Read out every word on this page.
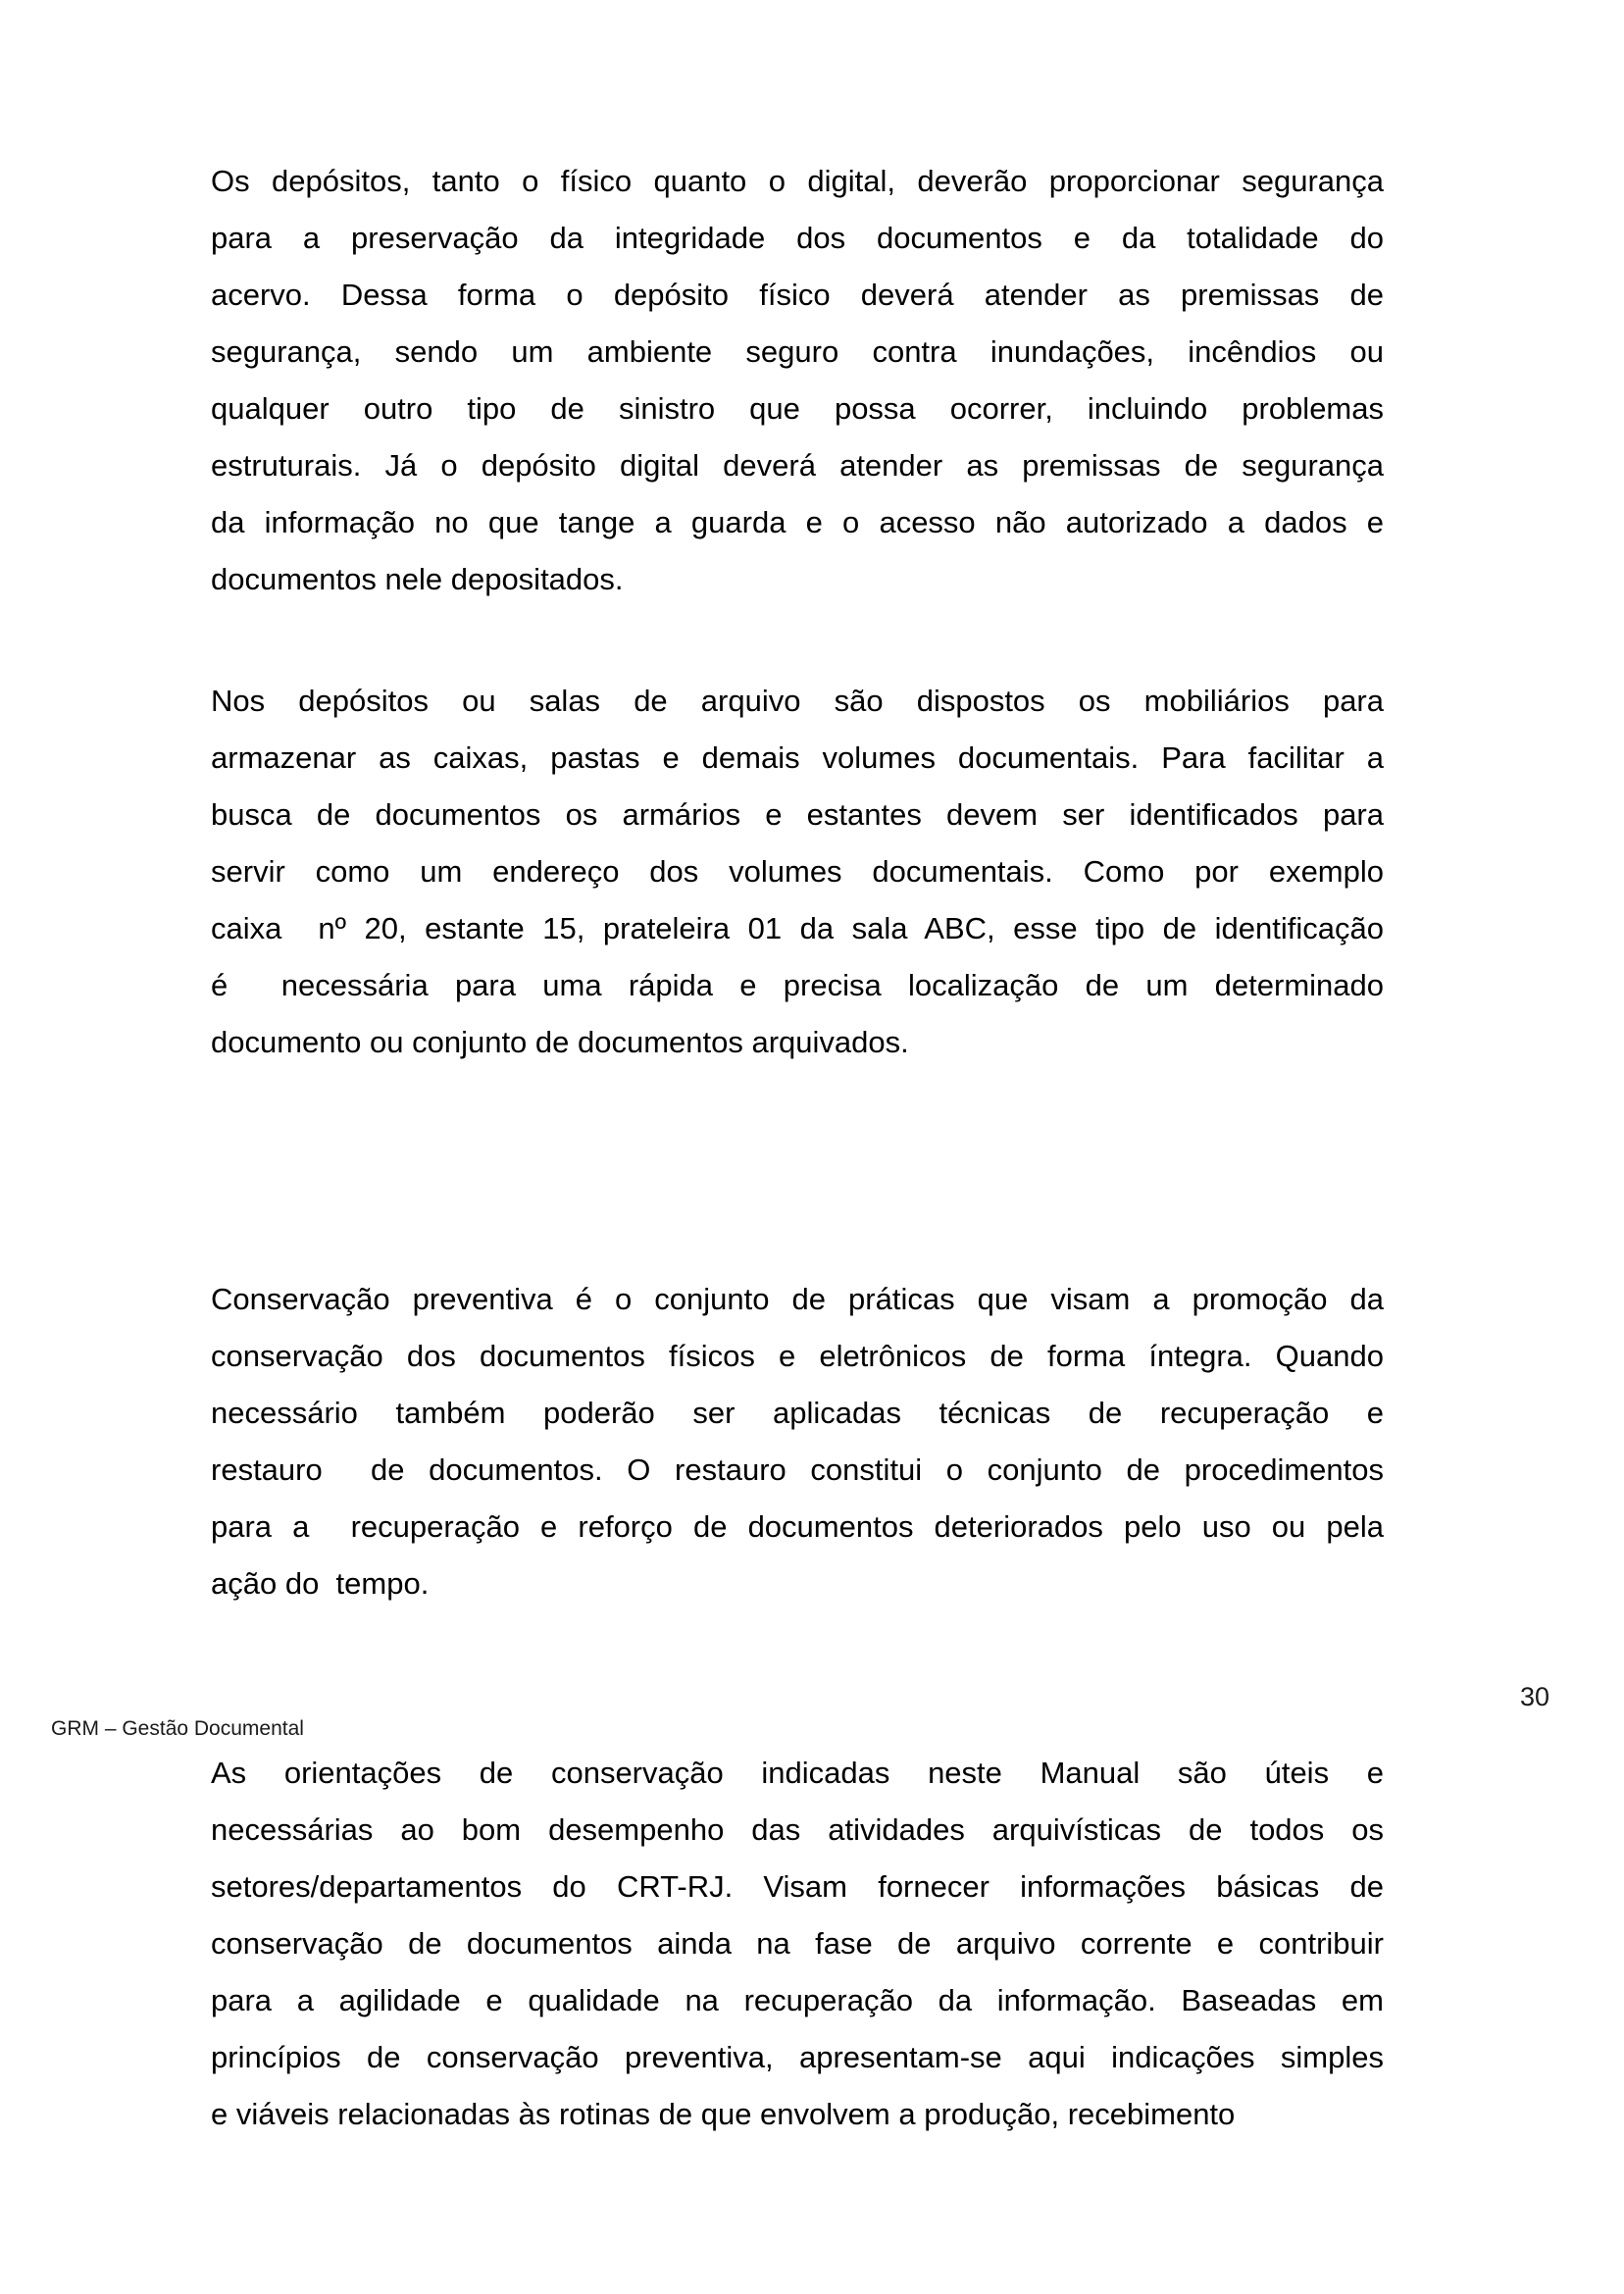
Os depósitos, tanto o físico quanto o digital, deverão proporcionar segurança
para a preservação da integridade dos documentos e da totalidade do
acervo. Dessa forma o depósito físico deverá atender as premissas de
segurança, sendo um ambiente seguro contra inundações, incêndios ou
qualquer outro tipo de sinistro que possa ocorrer, incluindo problemas
estruturais. Já o depósito digital deverá atender as premissas de segurança
da informação no que tange a guarda e o acesso não autorizado a dados e
documentos nele depositados.
Nos depósitos ou salas de arquivo são dispostos os mobiliários para
armazenar as caixas, pastas e demais volumes documentais. Para facilitar a
busca de documentos os armários e estantes devem ser identificados para
servir como um endereço dos volumes documentais. Como por exemplo
caixa  nº 20, estante 15, prateleira 01 da sala ABC, esse tipo de identificação
é  necessária para uma rápida e precisa localização de um determinado
documento ou conjunto de documentos arquivados.
Conservação preventiva é o conjunto de práticas que visam a promoção da
conservação dos documentos físicos e eletrônicos de forma íntegra. Quando
necessário também poderão ser aplicadas técnicas de recuperação e
restauro  de documentos. O restauro constitui o conjunto de procedimentos
para a  recuperação e reforço de documentos deteriorados pelo uso ou pela
ação do  tempo.
GRM – Gestão Documental
30
As orientações de conservação indicadas neste Manual são úteis e
necessárias ao bom desempenho das atividades arquivísticas de todos os
setores/departamentos do CRT-RJ. Visam fornecer informações básicas de
conservação de documentos ainda na fase de arquivo corrente e contribuir
para a agilidade e qualidade na recuperação da informação. Baseadas em
princípios de conservação preventiva, apresentam-se aqui indicações simples
e viáveis relacionadas às rotinas de que envolvem a produção, recebimento
